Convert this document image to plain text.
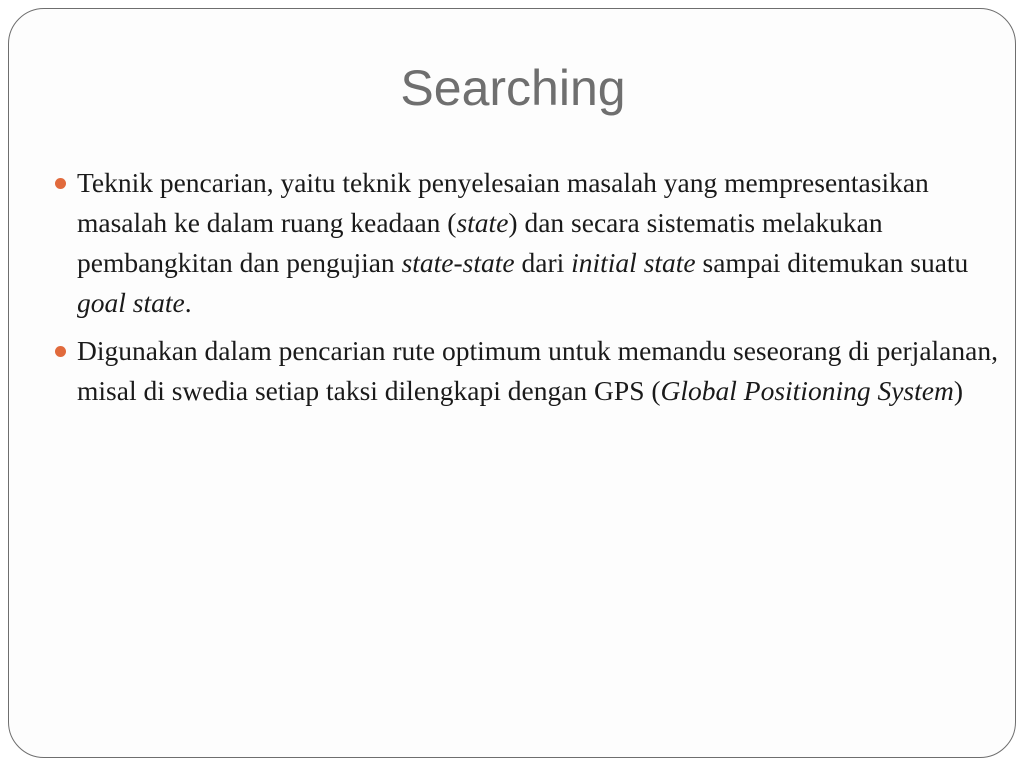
Searching
Teknik pencarian, yaitu teknik penyelesaian masalah yang mempresentasikan masalah ke dalam ruang keadaan (state) dan secara sistematis melakukan pembangkitan dan pengujian state-state dari initial state sampai ditemukan suatu goal state.
Digunakan dalam pencarian rute optimum untuk memandu seseorang di perjalanan, misal di swedia setiap taksi dilengkapi dengan GPS (Global Positioning System)
